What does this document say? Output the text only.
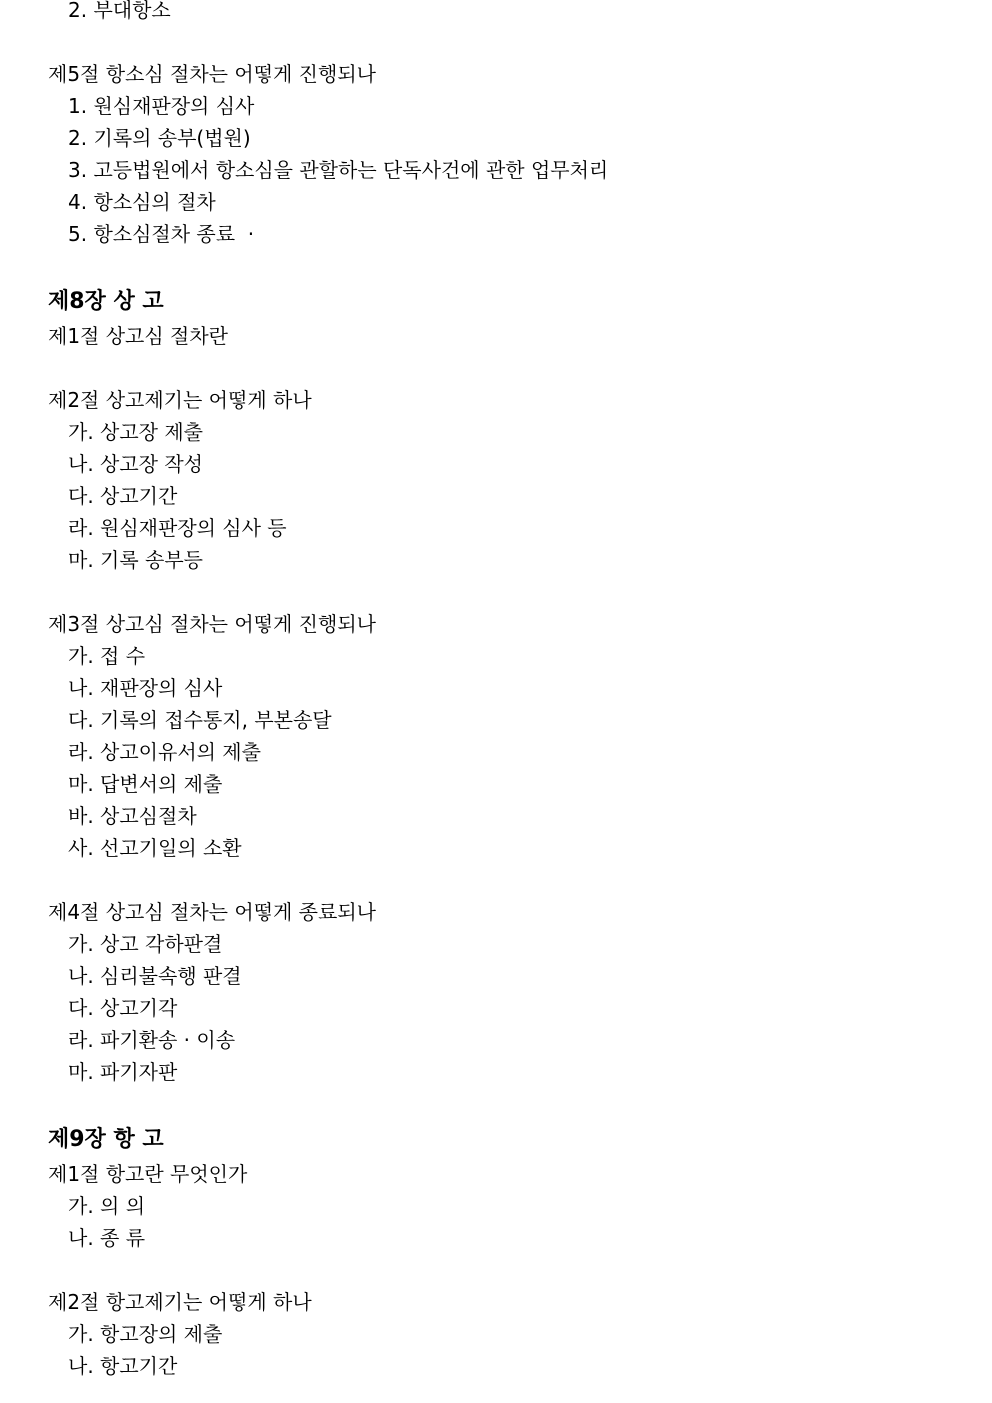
2. 부대항소
제5절 항소심 절차는 어떻게 진행되나
1. 원심재판장의 심사
2. 기록의 송부(법원)
3. 고등법원에서 항소심을 관할하는 단독사건에 관한 업무처리
4. 항소심의 절차
5. 항소심절차 종료  ·
제8장 상 고
제1절 상고심 절차란
제2절 상고제기는 어떻게 하나
가. 상고장 제출
나. 상고장 작성
다. 상고기간
라. 원심재판장의 심사 등
마. 기록 송부등
제3절 상고심 절차는 어떻게 진행되나
가. 접 수
나. 재판장의 심사
다. 기록의 접수통지, 부본송달
라. 상고이유서의 제출
마. 답변서의 제출
바. 상고심절차
사. 선고기일의 소환
제4절 상고심 절차는 어떻게 종료되나
가. 상고 각하판결
나. 심리불속행 판결
다. 상고기각
라. 파기환송 · 이송
마. 파기자판
제9장 항 고
제1절 항고란 무엇인가
가. 의 의
나. 종 류
제2절 항고제기는 어떻게 하나
가. 항고장의 제출
나. 항고기간
